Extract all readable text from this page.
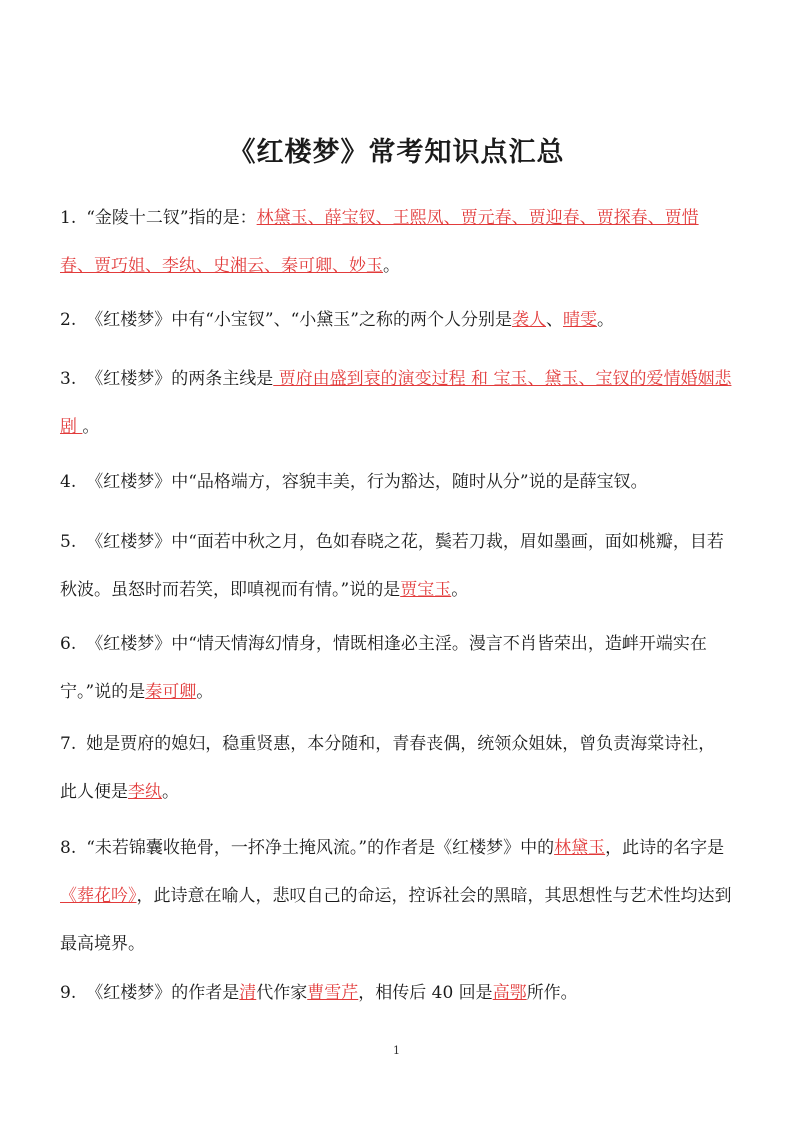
《红楼梦》常考知识点汇总
1. “金陵十二钗”指的是：林黛玉、薛宝钗、王熙凤、贾元春、贾迎春、贾探春、贾惜春、贾巧姐、李纨、史湘云、秦可卿、妙玉。
2. 《红楼梦》中有“小宝钗”、“小黛玉”之称的两个人分别是袭人、晴雯。
3. 《红楼梦》的两条主线是 贾府由盛到衰的演变过程 和 宝玉、黛玉、宝钗的爱情婚姻悲剧 。
4. 《红楼梦》中“品格端方，容貌丰美，行为豁达，随时从分”说的是薛宝钗。
5. 《红楼梦》中“面若中秋之月，色如春晓之花，鬓若刀裁，眉如墨画，面如桃瓣，目若秋波。虽怒时而若笑，即嗔视而有情。”说的是贾宝玉。
6. 《红楼梦》中“情天情海幻情身，情既相逢必主淫。漫言不肖皆荣出，造衅开端实在宁。”说的是秦可卿。
7. 她是贾府的媳妇，稳重贤惠，本分随和，青春丧偶，统领众姐妹，曾负责海棠诗社，此人便是李纨。
8. “未若锦囊收艳骨，一抔净土掩风流。”的作者是《红楼梦》中的林黛玉，此诗的名字是《葬花吟》，此诗意在喻人，悲叹自己的命运，控诉社会的黑暗，其思想性与艺术性均达到最高境界。
9. 《红楼梦》的作者是清代作家曹雪芹，相传后 40 回是高鄂所作。
1
